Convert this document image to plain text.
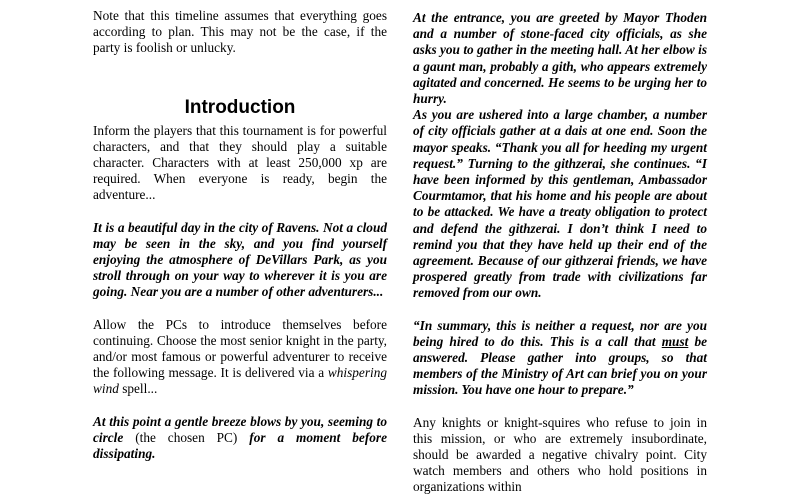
Note that this timeline assumes that everything goes according to plan. This may not be the case, if the party is foolish or unlucky.

Introduction

Inform the players that this tournament is for powerful characters, and that they should play a suitable character. Characters with at least 250,000 xp are required. When everyone is ready, begin the adventure...

It is a beautiful day in the city of Ravens. Not a cloud may be seen in the sky, and you find yourself enjoying the atmosphere of DeVillars Park, as you stroll through on your way to wherever it is you are going. Near you are a number of other adventurers...

Allow the PCs to introduce themselves before continuing. Choose the most senior knight in the party, and/or most famous or powerful adventurer to receive the following message. It is delivered via a whispering wind spell...

At this point a gentle breeze blows by you, seeming to circle (the chosen PC) for a moment before dissipating.

At the entrance, you are greeted by Mayor Thoden and a number of stone-faced city officials, as she asks you to gather in the meeting hall. At her elbow is a gaunt man, probably a gith, who appears extremely agitated and concerned. He seems to be urging her to hurry.

As you are ushered into a large chamber, a number of city officials gather at a dais at one end. Soon the mayor speaks. “Thank you all for heeding my urgent request.” Turning to the githzerai, she continues. “I have been informed by this gentleman, Ambassador Courmtamor, that his home and his people are about to be attacked. We have a treaty obligation to protect and defend the githzerai. I don’t think I need to remind you that they have held up their end of the agreement. Because of our githzerai friends, we have prospered greatly from trade with civilizations far removed from our own.

“In summary, this is neither a request, nor are you being hired to do this. This is a call that must be answered. Please gather into groups, so that members of the Ministry of Art can brief you on your mission. You have one hour to prepare.”

Any knights or knight-squires who refuse to join in this mission, or who are extremely insubordinate, should be awarded a negative chivalry point. City watch members and others who hold positions in organizations within
